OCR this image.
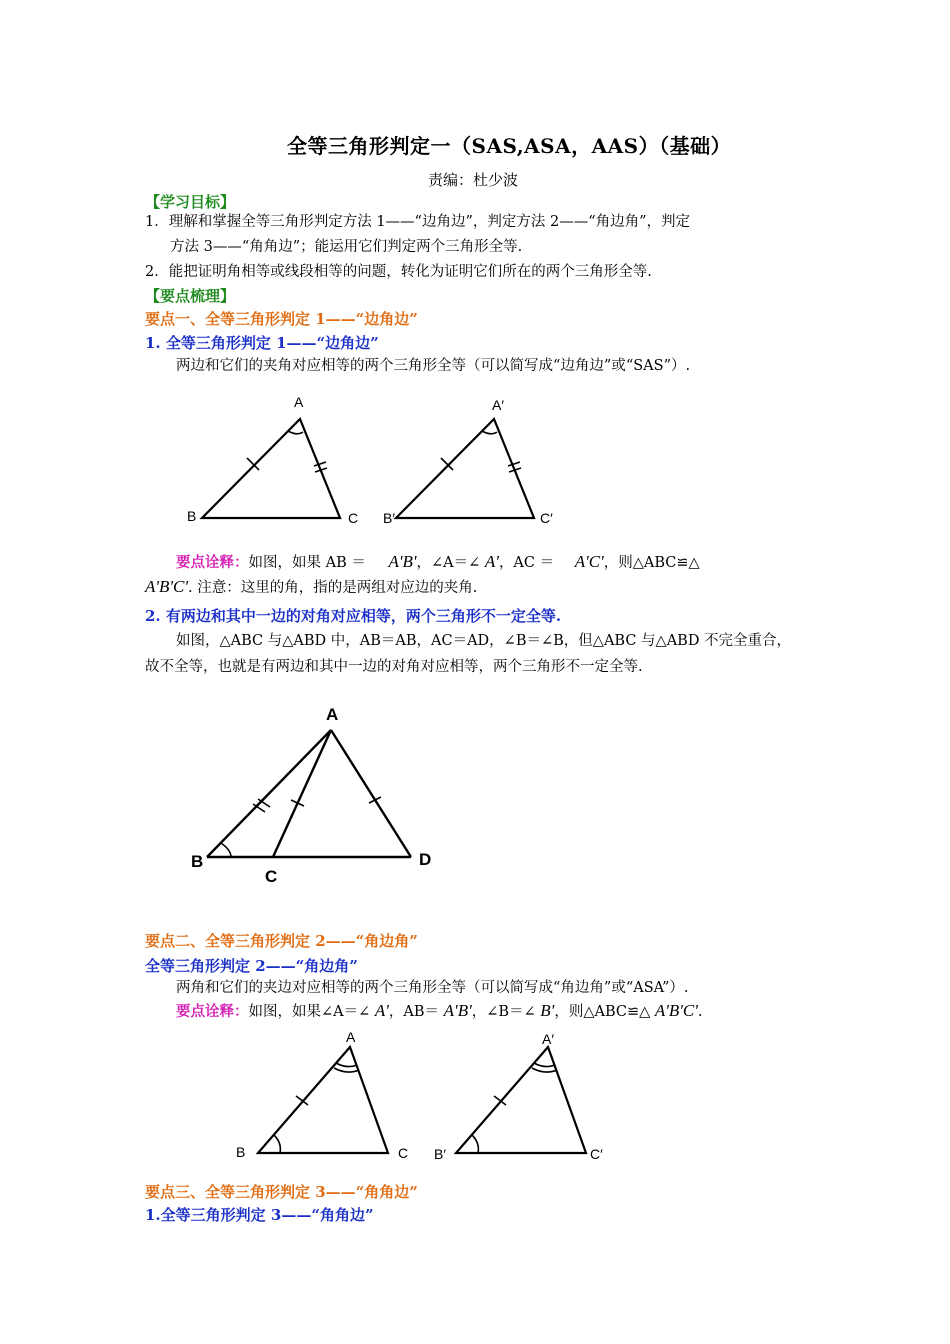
全等三角形判定一（SAS,ASA，AAS）（基础）
责编：杜少波
【学习目标】
1．理解和掌握全等三角形判定方法 1——“边角边”，判定方法 2——“角边角”，判定
方法 3——“角角边”；能运用它们判定两个三角形全等.
2．能把证明角相等或线段相等的问题，转化为证明它们所在的两个三角形全等.
【要点梳理】
要点一、全等三角形判定 1——“边角边”
1. 全等三角形判定 1——“边角边”
两边和它们的夹角对应相等的两个三角形全等（可以简写成“边角边”或“SAS”）.
A
B	C
A′
B′	C′
要点诠释：如图，如果 AB ＝ A'B'，∠A＝∠ A'，AC ＝ A'C'，则△ABC≌△
A'B'C'. 注意：这里的角，指的是两组对应边的夹角.
2. 有两边和其中一边的对角对应相等，两个三角形不一定全等.
如图，△ABC 与△ABD 中，AB＝AB，AC＝AD，∠B＝∠B，但△ABC 与△ABD 不完全重合，
故不全等，也就是有两边和其中一边的对角对应相等，两个三角形不一定全等.
A
B
C
D
要点二、全等三角形判定 2——“角边角”
全等三角形判定 2——“角边角”
两角和它们的夹边对应相等的两个三角形全等（可以简写成“角边角”或“ASA”）.
要点诠释：如图，如果∠A＝∠ A'，AB＝ A'B'，∠B＝∠ B'，则△ABC≌△ A'B'C'.
A
B	C
A′
B′	C′
要点三、全等三角形判定 3——“角角边”
1.全等三角形判定 3——“角角边”
